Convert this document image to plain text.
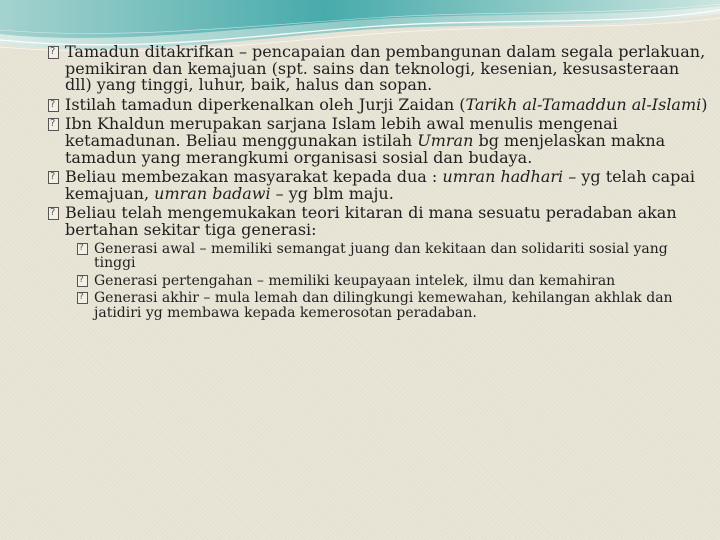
?
Tamadun ditakrifkan – pencapaian dan pembangunan dalam segala perlakuan, pemikiran dan kemajuan (spt. sains dan teknologi, kesenian, kesusasteraan dll) yang tinggi, luhur, baik, halus dan sopan.
?
Istilah tamadun diperkenalkan oleh Jurji Zaidan (Tarikh al-Tamaddun al-Islami)
?
Ibn Khaldun merupakan sarjana Islam lebih awal menulis mengenai ketamadunan. Beliau menggunakan istilah Umran bg menjelaskan makna tamadun yang merangkumi organisasi sosial dan budaya.
?
Beliau membezakan masyarakat kepada dua : umran hadhari – yg telah capai kemajuan, umran badawi – yg blm maju.
?
Beliau telah mengemukakan teori kitaran di mana sesuatu peradaban akan bertahan sekitar tiga generasi:
?
Generasi awal – memiliki semangat juang dan kekitaan dan solidariti sosial yang tinggi
?
Generasi pertengahan – memiliki keupayaan intelek, ilmu dan kemahiran
?
Generasi akhir – mula lemah dan dilingkungi kemewahan, kehilangan akhlak dan jatidiri yg membawa kepada kemerosotan peradaban.
